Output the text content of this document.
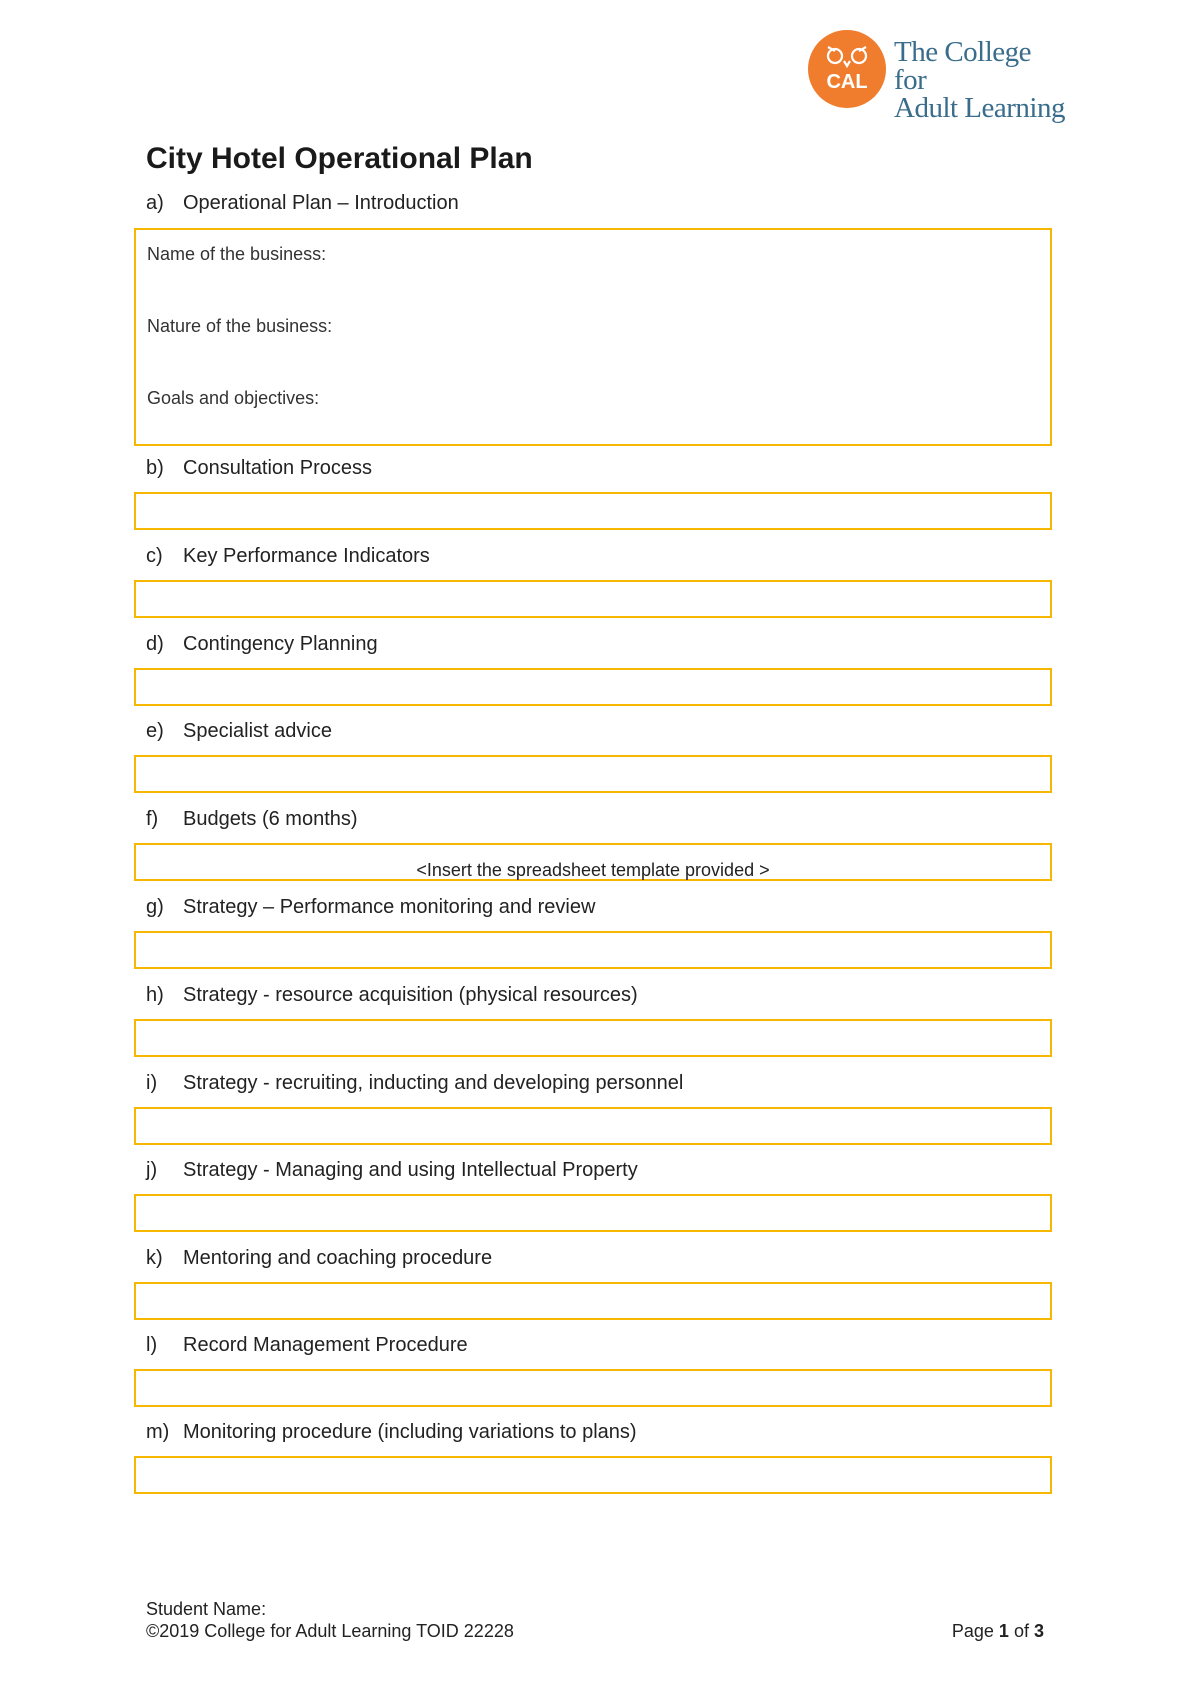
CAL
The College for
Adult Learning
City Hotel Operational Plan
a) Operational Plan – Introduction
Name of the business:
Nature of the business:
Goals and objectives:
b) Consultation Process
c) Key Performance Indicators
d) Contingency Planning
e) Specialist advice
f) Budgets (6 months)
<Insert the spreadsheet template provided >
g) Strategy – Performance monitoring and review
h) Strategy - resource acquisition (physical resources)
i) Strategy - recruiting, inducting and developing personnel
j) Strategy - Managing and using Intellectual Property
k) Mentoring and coaching procedure
l) Record Management Procedure
m) Monitoring procedure (including variations to plans)
Student Name:
©2019 College for Adult Learning TOID 22228	Page 1 of 3
